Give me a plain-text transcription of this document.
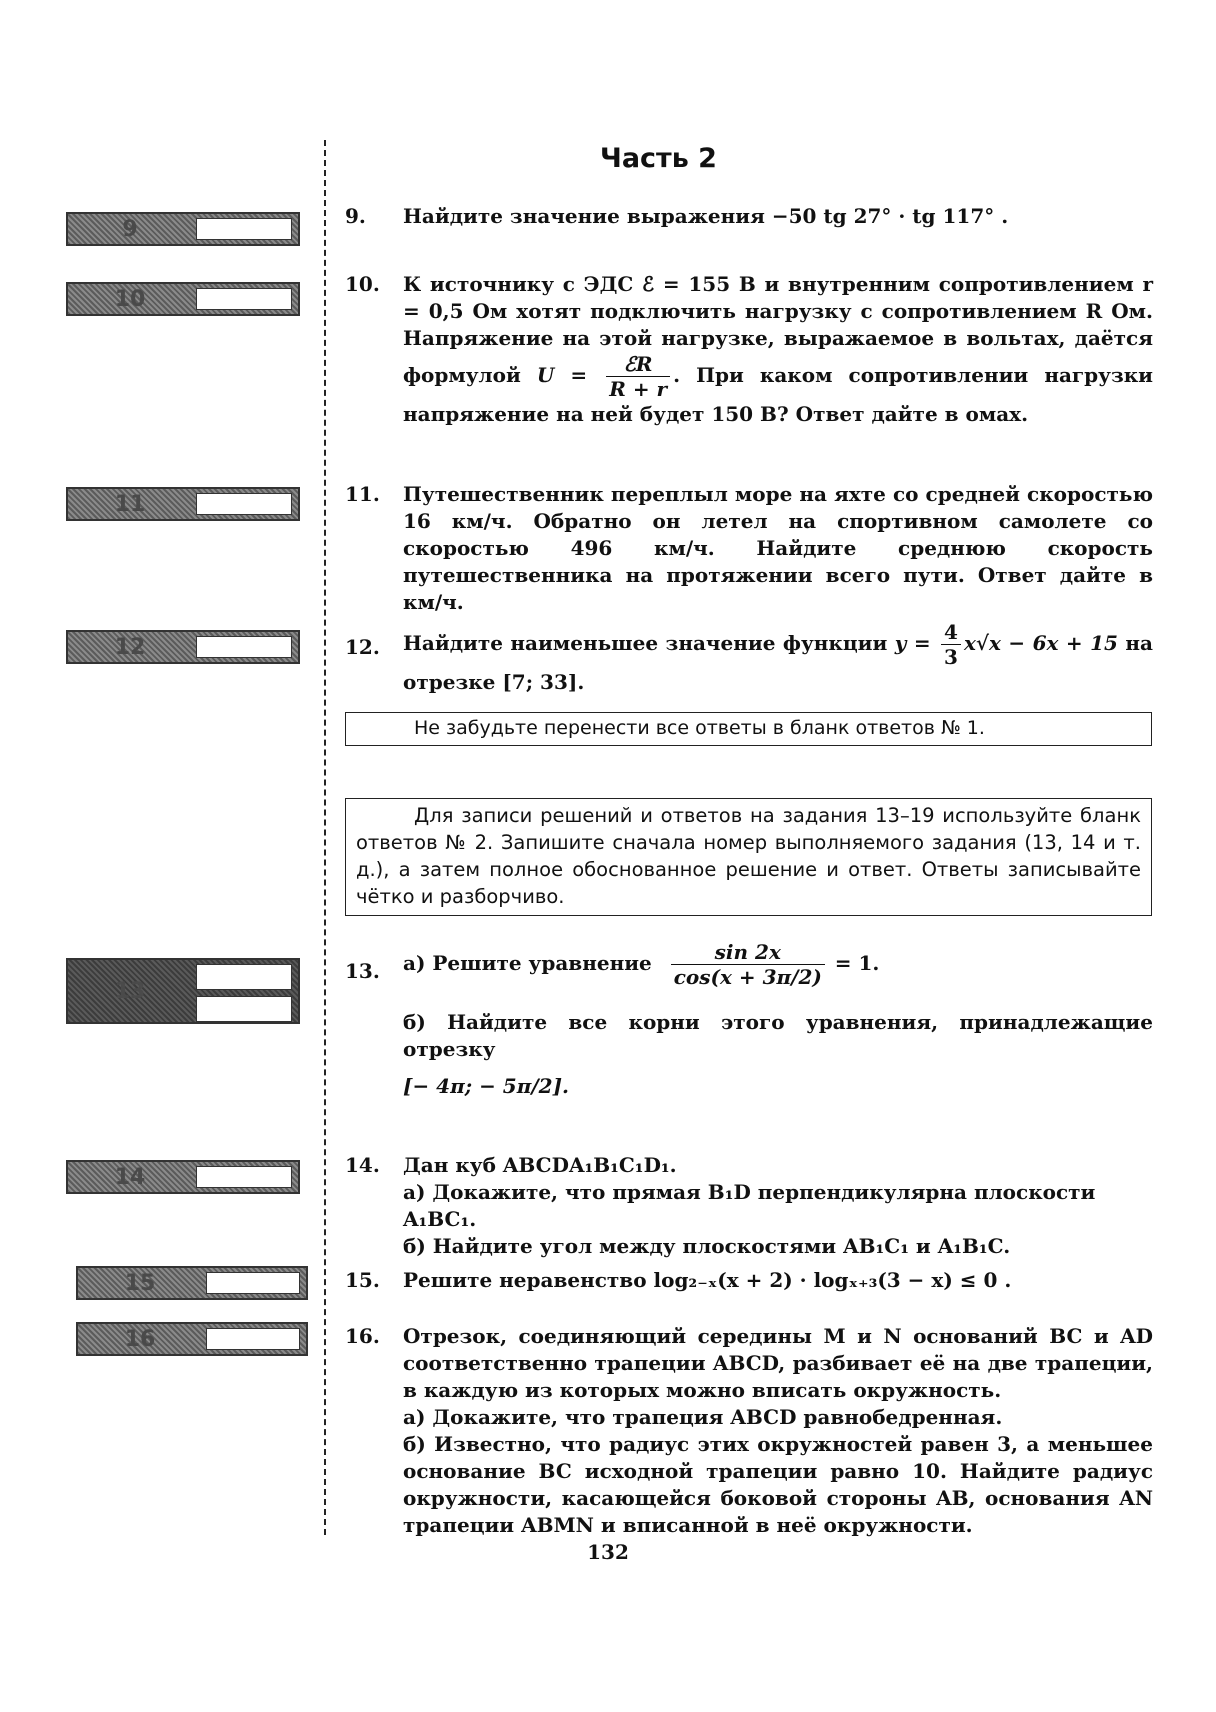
Часть 2
9
10
11
12
13
14
15
16
9. Найдите значение выражения −50 tg 27° · tg 117° .
10. К источнику с ЭДС ℰ = 155 В и внутренним сопротивлением r = 0,5 Ом хотят подключить нагрузку с сопротивлением R Ом. Напряжение на этой нагрузке, выражаемое в вольтах, даётся формулой $U = \frac{\text{ℰR}}{R + r}$ . При каком сопротивлении нагрузки напряжение на ней будет 150 В? Ответ дайте в омах.
11. Путешественник переплыл море на яхте со средней скоростью 16 км/ч. Обратно он летел на спортивном самолете со скоростью 496 км/ч. Найдите среднюю скорость путешественника на протяжении всего пути. Ответ дайте в км/ч.
12. Найдите наименьшее значение функции $y = \frac{4}{3} x√x - 6x + 15$ на отрезке [7; 33].
Не забудьте перенести все ответы в бланк ответов № 1.
Для записи решений и ответов на задания 13–19 используйте бланк ответов № 2. Запишите сначала номер выполняемого задания (13, 14 и т. д.), а затем полное обоснованное решение и ответ. Ответы записывайте чётко и разборчиво.
13. а) Решите уравнение $\frac{\sin 2x}{\cos(x + 3\pi/2)} = 1$.

б) Найдите все корни этого уравнения, принадлежащие отрезку

[− 4π; − 5π/2].

14. Дан куб ABCDA₁B₁C₁D₁.

а) Докажите, что прямая B₁D перпендикулярна плоскости A₁BC₁.

б) Найдите угол между плоскостями AB₁C₁ и A₁B₁C.

15. Решите неравенство log₂₋ₓ(x + 2) · logₓ₊₃(3 − x) ≤ 0 .
16. Отрезок, соединяющий середины M и N оснований BC и AD соответственно трапеции ABCD, разбивает её на две трапеции, в каждую из которых можно вписать окружность.

а) Докажите, что трапеция ABCD равнобедренная.

б) Известно, что радиус этих окружностей равен 3, а меньшее основание BC исходной трапеции равно 10. Найдите радиус окружности, касающейся боковой стороны AB, основания AN трапеции ABMN и вписанной в неё окружности.

132
